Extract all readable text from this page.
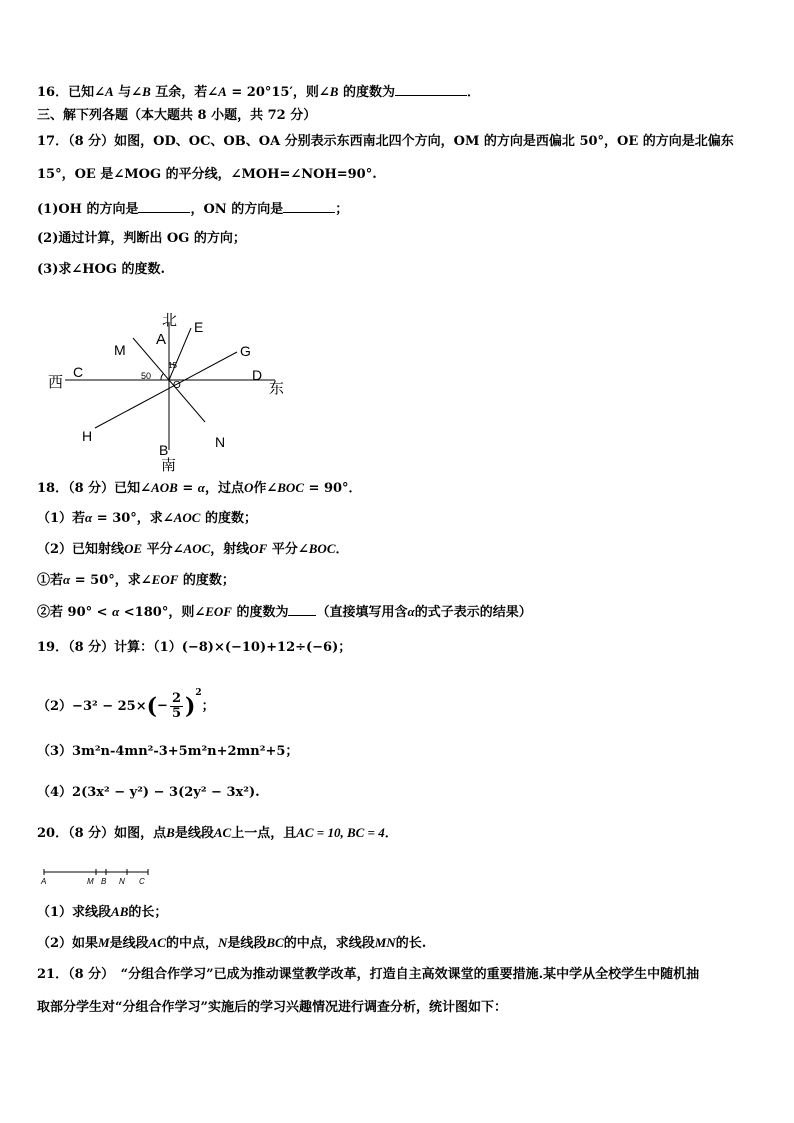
16．已知∠A 与∠B 互余，若∠A = 20°15′，则∠B 的度数为	．
三、解下列各题（本大题共 8 小题，共 72 分）
17．（8 分）如图，OD、OC、OB、OA 分别表示东西南北四个方向，OM 的方向是西偏北 50°，OE 的方向是北偏东
15°，OE 是∠MOG 的平分线，∠MOH=∠NOH=90°.
(1)OH 的方向是	，ON 的方向是	；
(2)通过计算，判断出 OG 的方向；
(3)求∠HOG 的度数.
北
A
E
M	G
15
C
西	50
O
D
东
H	N
B
南
18．（8 分）已知∠AOB = α，过点O作∠BOC = 90°．
（1）若α = 30°，求∠AOC 的度数；
（2）已知射线OE 平分∠AOC，射线OF 平分∠BOC．
①若α = 50°，求∠EOF 的度数；
②若 90° < α <180°，则∠EOF 的度数为 （直接填写用含α的式子表示的结果）
19．（8 分）计算：（1）(−8)×(−10)+12÷(−6)；
$(2)-3^2 - 25\times(- \frac{2}{5} )^2$；
（3）3m²n-4mn²-3+5m²n+2mn²+5；
（4）2(3x² − y²) − 3(2y² − 3x²).
20．（8 分）如图，点B是线段AC上一点，且AC = 10, BC = 4．
A	M B N C
（1）求线段AB的长；
（2）如果M是线段AC的中点，N是线段BC的中点，求线段MN的长.
21．（8 分）　“分组合作学习”已成为推动课堂教学改革，打造自主高效课堂的重要措施.某中学从全校学生中随机抽
取部分学生对“分组合作学习”实施后的学习兴趣情况进行调查分析，统计图如下：
